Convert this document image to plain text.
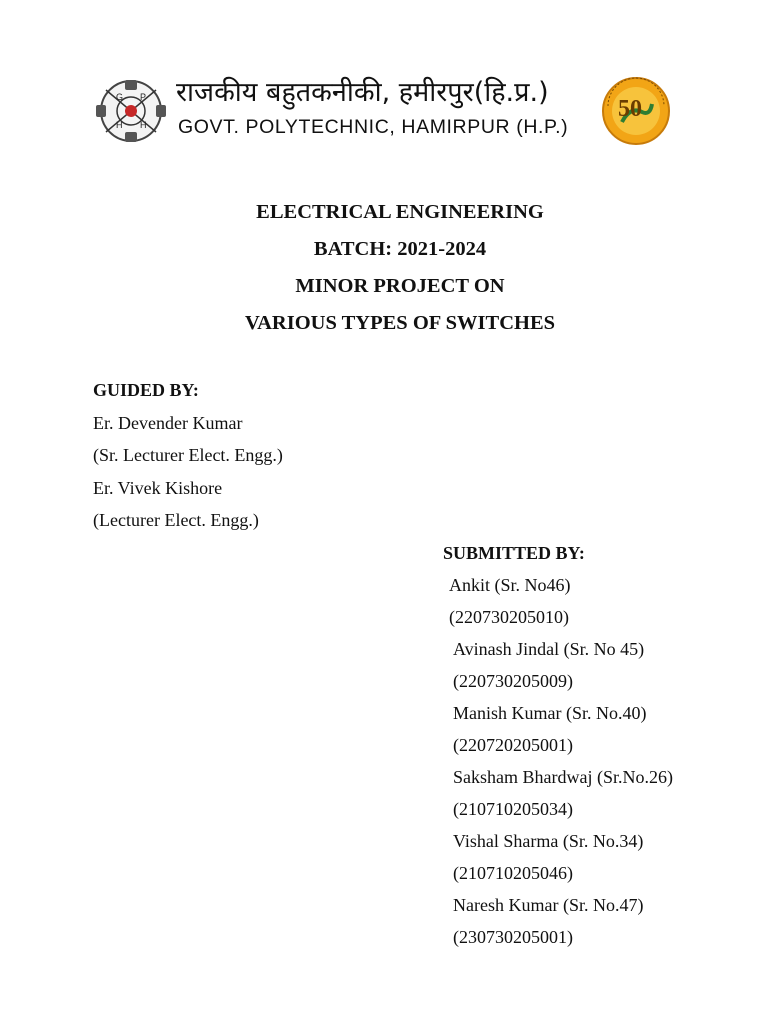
G P
H H
राजकीय बहुतकनीकी, हमीरपुर(हि.प्र.)
GOVT. POLYTECHNIC, HAMIRPUR (H.P.)
50
ELECTRICAL ENGINEERING
BATCH: 2021-2024
MINOR PROJECT ON
VARIOUS TYPES OF SWITCHES
GUIDED BY:
Er. Devender Kumar
(Sr. Lecturer Elect. Engg.)
Er. Vivek Kishore
(Lecturer Elect. Engg.)
SUBMITTED BY:
Ankit (Sr. No46)
(220730205010)
Avinash Jindal (Sr. No 45)
(220730205009)
Manish Kumar (Sr. No.40)
(220720205001)
Saksham Bhardwaj (Sr.No.26)
(210710205034)
Vishal Sharma (Sr. No.34)
(210710205046)
Naresh Kumar (Sr. No.47)
(230730205001)
